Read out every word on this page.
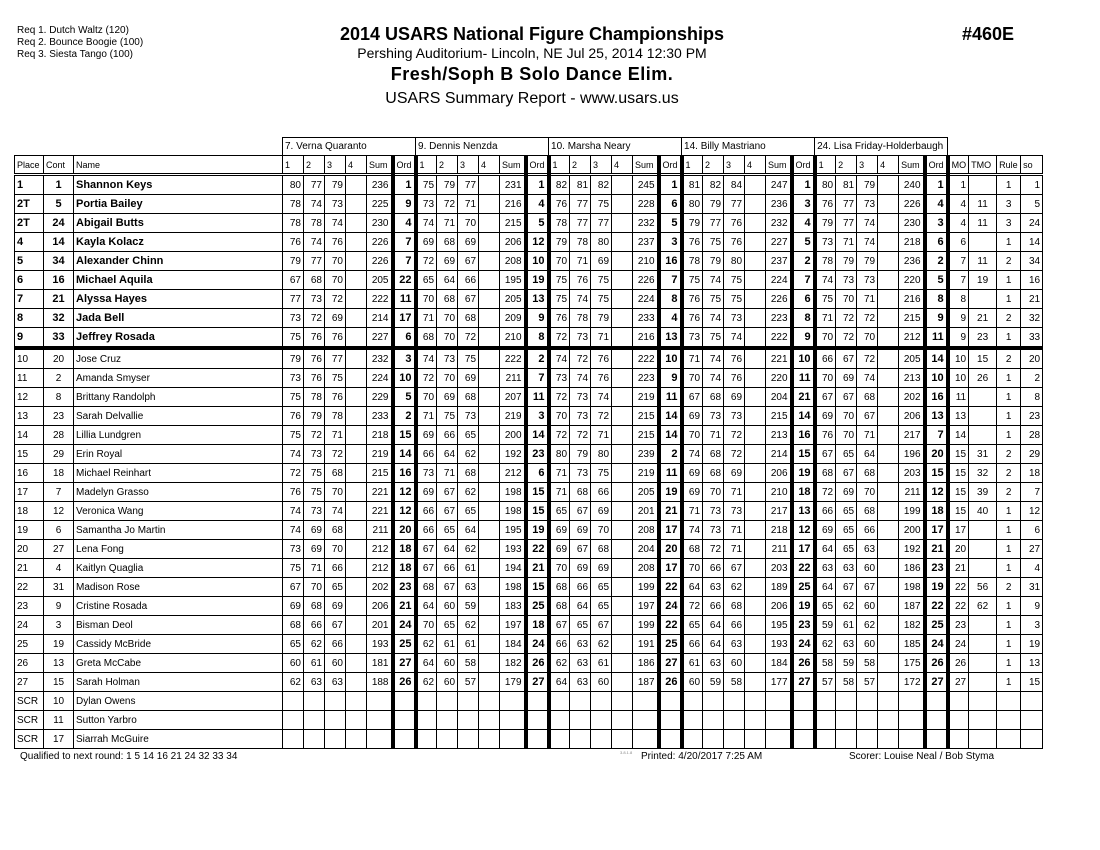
Req 1. Dutch Waltz (120)
Req 2. Bounce Boogie (100)
Req 3. Siesta Tango (100)
2014 USARS National Figure Championships
Pershing Auditorium- Lincoln, NE Jul 25, 2014 12:30 PM
Fresh/Soph B Solo Dance Elim.
USARS Summary Report - www.usars.us
#460E
			7. Verna Quaranto						9. Dennis Nenzda						10. Marsha Neary						14. Billy Mastriano						24. Lisa Friday-Holderbaugh									
Place	Cont	Name	1	2	3	4	Sum	Ord	1	2	3	4	Sum	Ord	1	2	3	4	Sum	Ord	1	2	3	4	Sum	Ord	1	2	3	4	Sum	Ord	MO	TMO	Rule	so
1	1	Shannon Keys	80	77	79		236	1	75	79	77		231	1	82	81	82		245	1	81	82	84		247	1	80	81	79		240	1	1		1	1
2T	5	Portia Bailey	78	74	73		225	9	73	72	71		216	4	76	77	75		228	6	80	79	77		236	3	76	77	73		226	4	4	11	3	5
2T	24	Abigail Butts	78	78	74		230	4	74	71	70		215	5	78	77	77		232	5	79	77	76		232	4	79	77	74		230	3	4	11	3	24
4	14	Kayla Kolacz	76	74	76		226	7	69	68	69		206	12	79	78	80		237	3	76	75	76		227	5	73	71	74		218	6	6		1	14
5	34	Alexander Chinn	79	77	70		226	7	72	69	67		208	10	70	71	69		210	16	78	79	80		237	2	78	79	79		236	2	7	11	2	34
6	16	Michael Aquila	67	68	70		205	22	65	64	66		195	19	75	76	75		226	7	75	74	75		224	7	74	73	73		220	5	7	19	1	16
7	21	Alyssa Hayes	77	73	72		222	11	70	68	67		205	13	75	74	75		224	8	76	75	75		226	6	75	70	71		216	8	8		1	21
8	32	Jada Bell	73	72	69		214	17	71	70	68		209	9	76	78	79		233	4	76	74	73		223	8	71	72	72		215	9	9	21	2	32
9	33	Jeffrey Rosada	75	76	76		227	6	68	70	72		210	8	72	73	71		216	13	73	75	74		222	9	70	72	70		212	11	9	23	1	33
10	20	Jose Cruz	79	76	77		232	3	74	73	75		222	2	74	72	76		222	10	71	74	76		221	10	66	67	72		205	14	10	15	2	20
11	2	Amanda Smyser	73	76	75		224	10	72	70	69		211	7	73	74	76		223	9	70	74	76		220	11	70	69	74		213	10	10	26	1	2
12	8	Brittany Randolph	75	78	76		229	5	70	69	68		207	11	72	73	74		219	11	67	68	69		204	21	67	67	68		202	16	11		1	8
13	23	Sarah Delvallie	76	79	78		233	2	71	75	73		219	3	70	73	72		215	14	69	73	73		215	14	69	70	67		206	13	13		1	23
14	28	Lillia Lundgren	75	72	71		218	15	69	66	65		200	14	72	72	71		215	14	70	71	72		213	16	76	70	71		217	7	14		1	28
15	29	Erin Royal	74	73	72		219	14	66	64	62		192	23	80	79	80		239	2	74	68	72		214	15	67	65	64		196	20	15	31	2	29
16	18	Michael Reinhart	72	75	68		215	16	73	71	68		212	6	71	73	75		219	11	69	68	69		206	19	68	67	68		203	15	15	32	2	18
17	7	Madelyn Grasso	76	75	70		221	12	69	67	62		198	15	71	68	66		205	19	69	70	71		210	18	72	69	70		211	12	15	39	2	7
18	12	Veronica Wang	74	73	74		221	12	66	67	65		198	15	65	67	69		201	21	71	73	73		217	13	66	65	68		199	18	15	40	1	12
19	6	Samantha Jo Martin	74	69	68		211	20	66	65	64		195	19	69	69	70		208	17	74	73	71		218	12	69	65	66		200	17	17		1	6
20	27	Lena Fong	73	69	70		212	18	67	64	62		193	22	69	67	68		204	20	68	72	71		211	17	64	65	63		192	21	20		1	27
21	4	Kaitlyn Quaglia	75	71	66		212	18	67	66	61		194	21	70	69	69		208	17	70	66	67		203	22	63	63	60		186	23	21		1	4
22	31	Madison Rose	67	70	65		202	23	68	67	63		198	15	68	66	65		199	22	64	63	62		189	25	64	67	67		198	19	22	56	2	31
23	9	Cristine Rosada	69	68	69		206	21	64	60	59		183	25	68	64	65		197	24	72	66	68		206	19	65	62	60		187	22	22	62	1	9
24	3	Bisman Deol	68	66	67		201	24	70	65	62		197	18	67	65	67		199	22	65	64	66		195	23	59	61	62		182	25	23		1	3
25	19	Cassidy McBride	65	62	66		193	25	62	61	61		184	24	66	63	62		191	25	66	64	63		193	24	62	63	60		185	24	24		1	19
26	13	Greta McCabe	60	61	60		181	27	64	60	58		182	26	62	63	61		186	27	61	63	60		184	26	58	59	58		175	26	26		1	13
27	15	Sarah Holman	62	63	63		188	26	62	60	57		179	27	64	63	60		187	26	60	59	58		177	27	57	58	57		172	27	27		1	15
SCR	10	Dylan Owens																																		
SCR	11	Sutton Yarbro																																		
SCR	17	Siarrah McGuire																																		
Qualified to next round: 1 5 14 16 21 24 32 33 34	3.8.1.8 Printed: 4/20/2017 7:25 AM	Scorer: Louise Neal / Bob Styma
